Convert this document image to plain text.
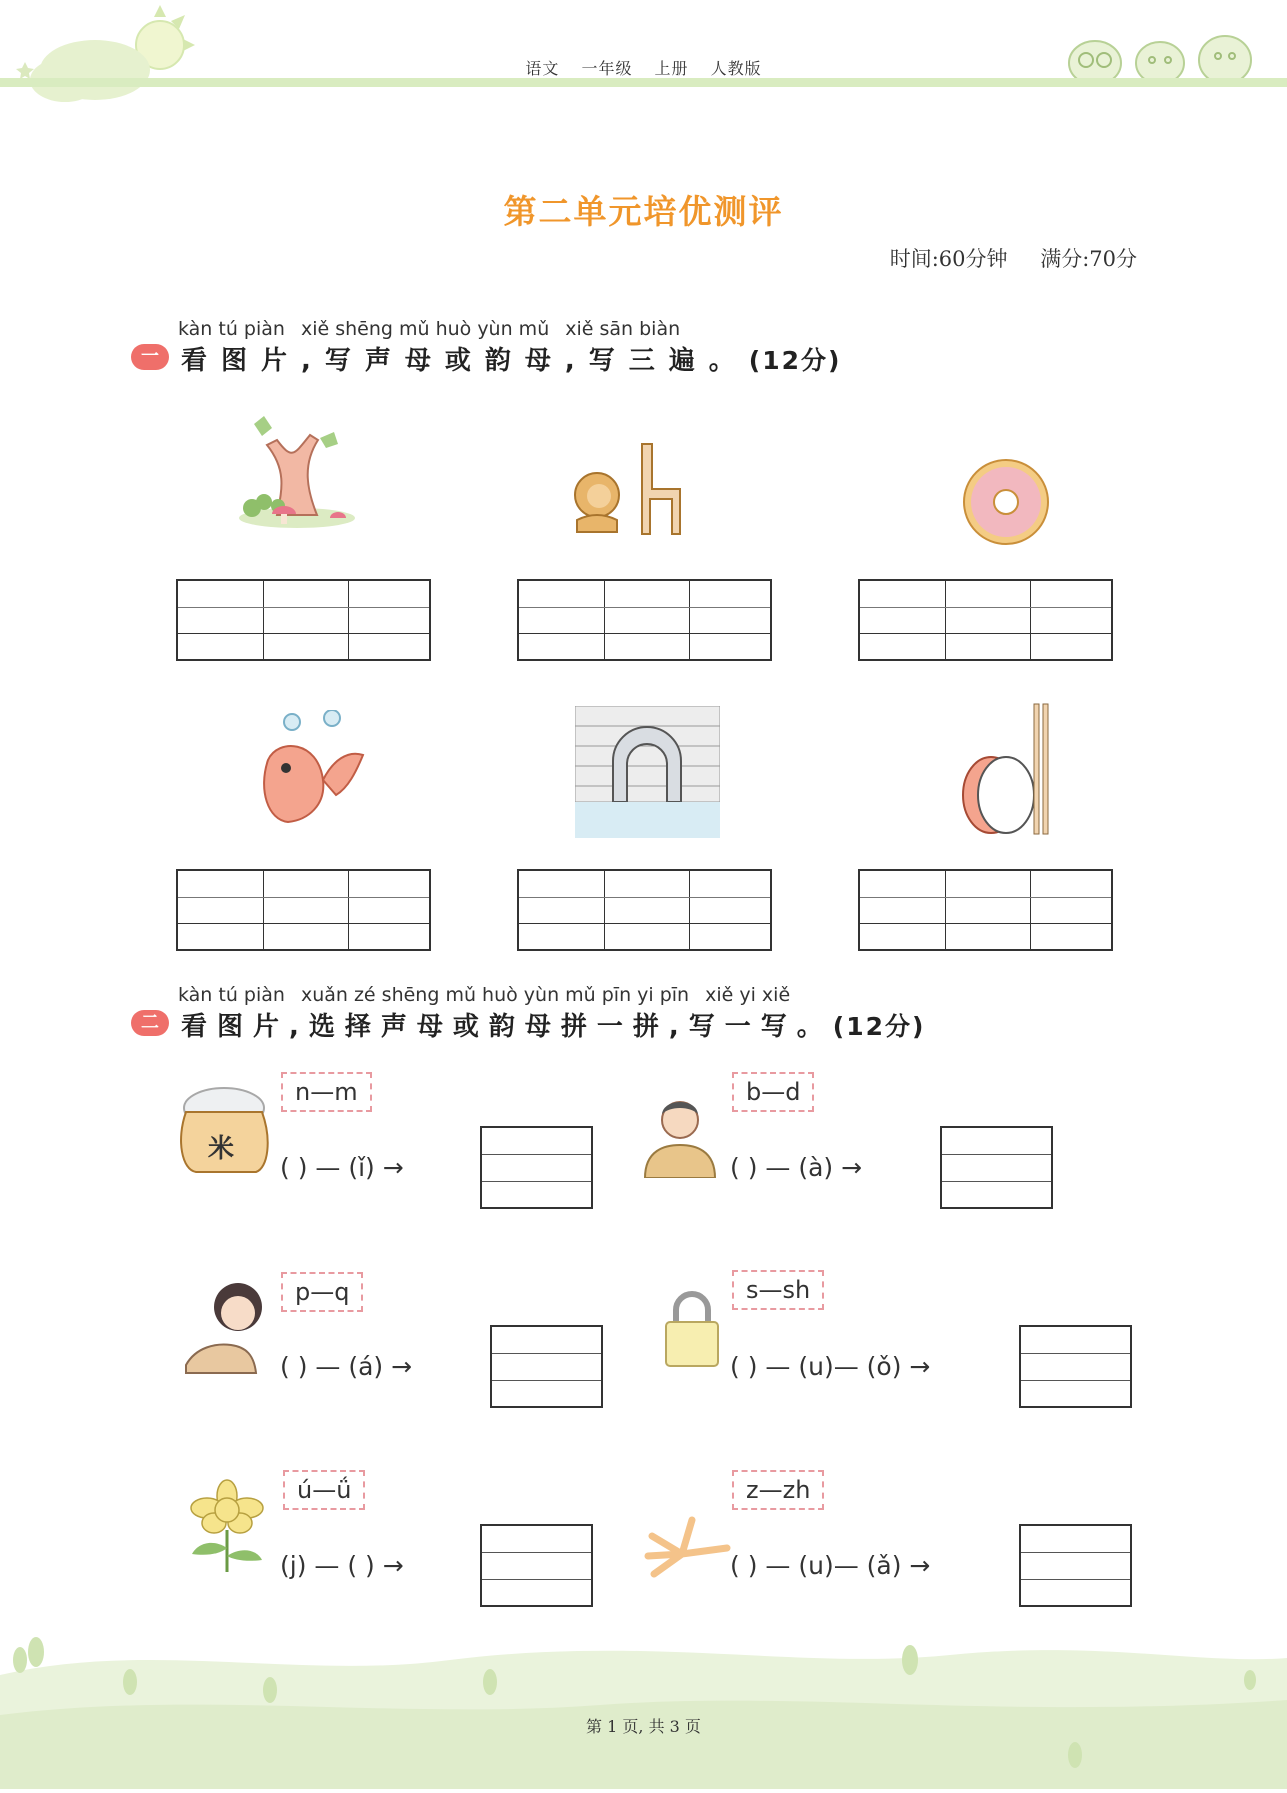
语文 一年级 上册 人教版
第二单元培优测评
时间:60分钟 满分:70分
一
kàn tú piàn xiě shēng mǔ huò yùn mǔ xiě sān biàn
看图片,写声母或韵母,写三遍。(12分)
二
kàn tú piàn xuǎn zé shēng mǔ huò yùn mǔ pīn yi pīn xiě yi xiě
看图片,选择声母或韵母拼一拼,写一写。(12分)
米
n—m
( ) — (ǐ) →
b—d
( ) — (à) →
p—q
( ) — (á) →
s—sh
( ) — (u)— (ǒ) →
ú—ǘ
(j) — ( ) →
z—zh
( ) — (u)— (ǎ) →
第 1 页, 共 3 页
